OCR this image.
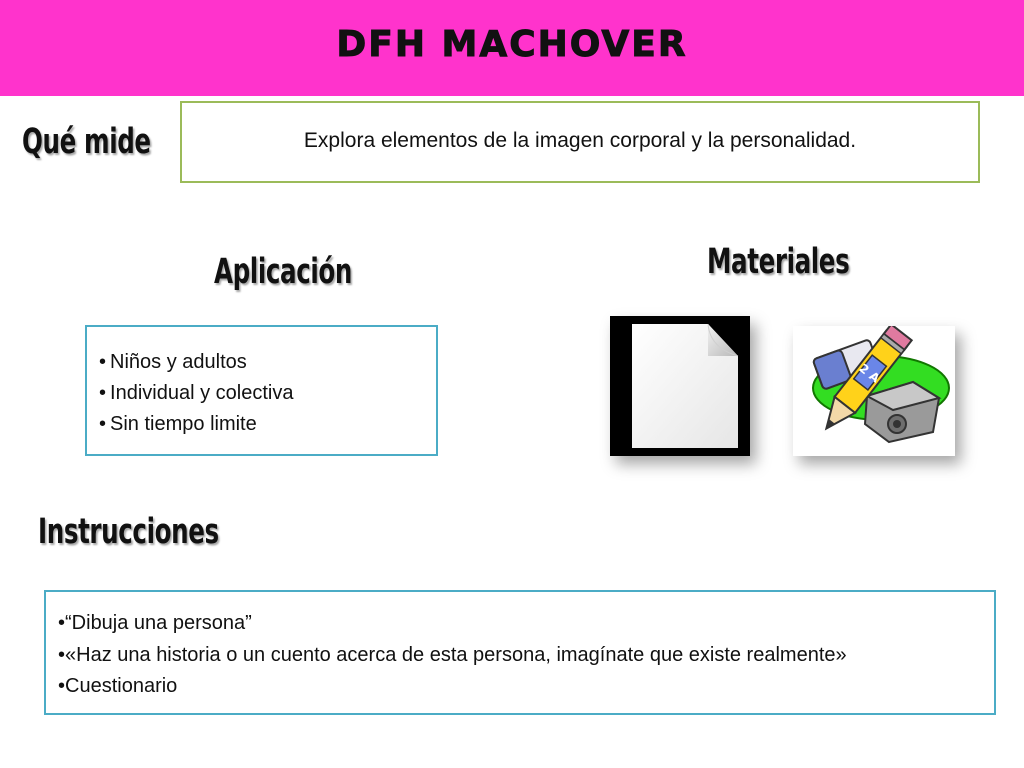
DFH MACHOVER
Qué mide	Explora elementos de la imagen corporal y la personalidad.
Aplicación
• Niños y adultos
• Individual y colectiva
• Sin tiempo limite
Materiales
2 A
Instrucciones
•“Dibuja una persona”
•«Haz una historia o un cuento acerca de esta persona, imagínate que existe realmente»
•Cuestionario
